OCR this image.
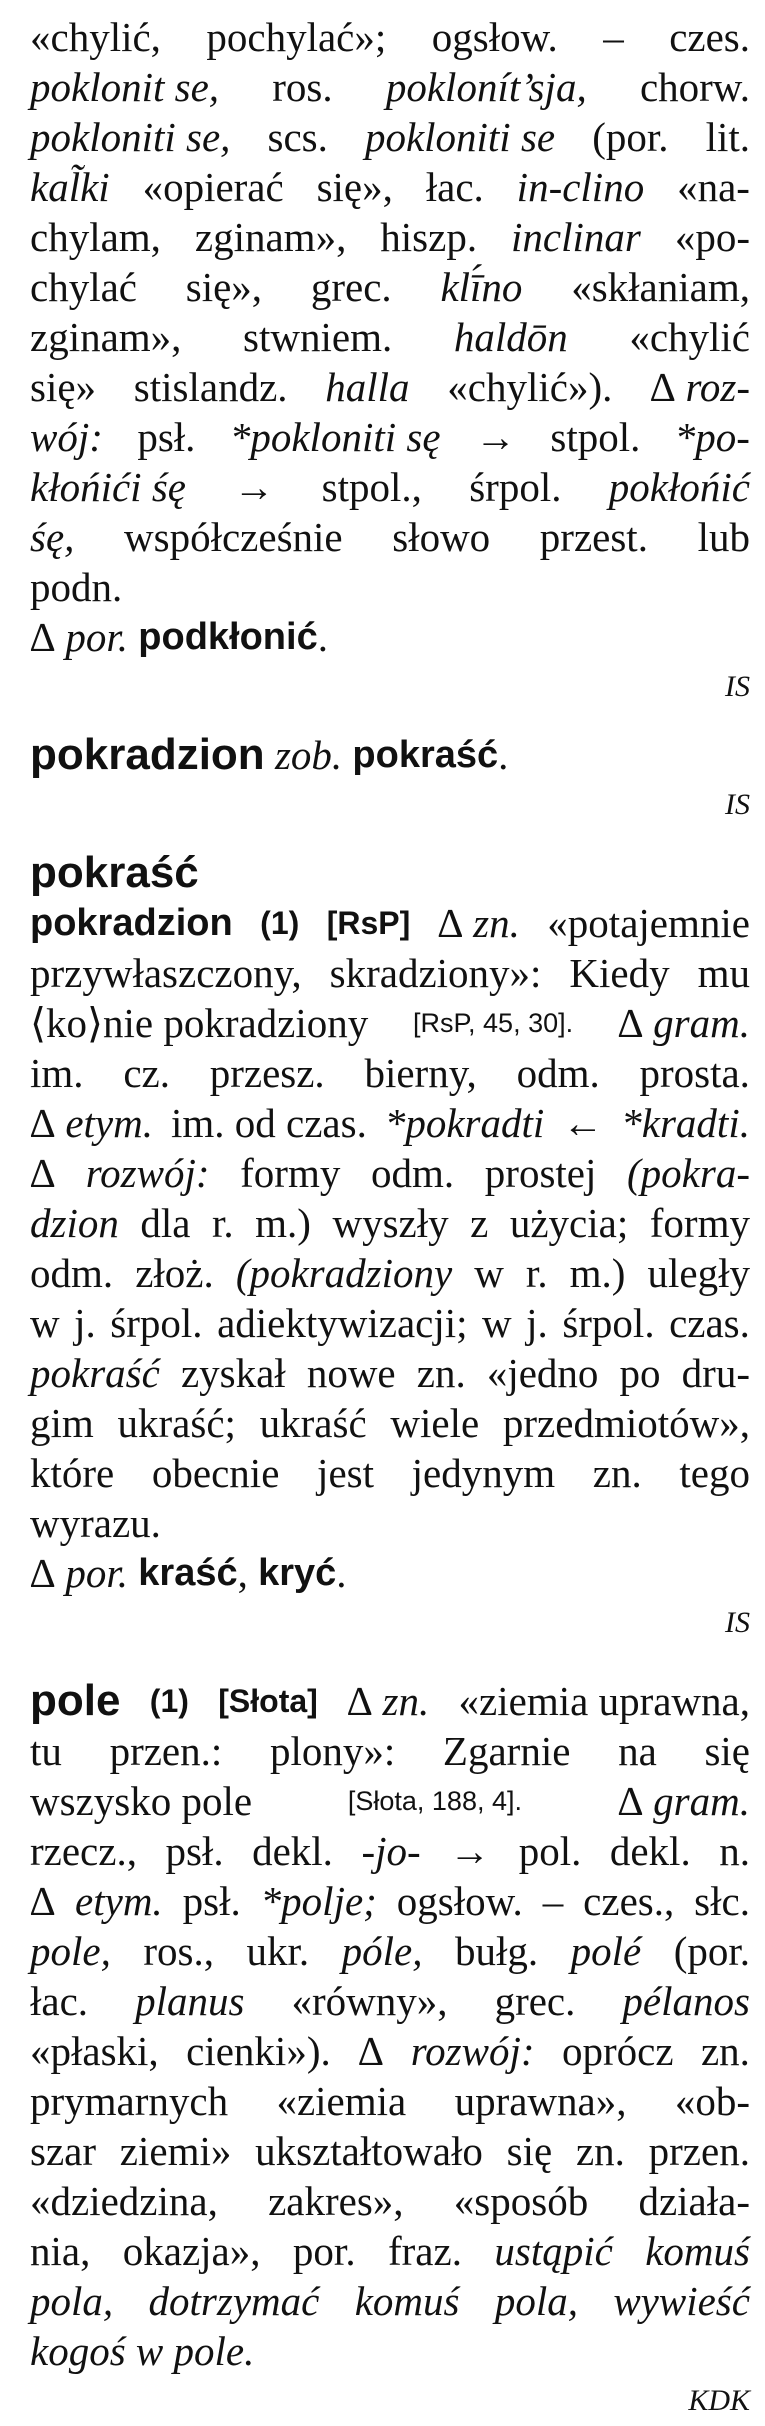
«chylić, pochylać»; ogsłow. – czes.
poklonit se, ros. poklonít’sja, chorw.
pokloniti se, scs. pokloniti se (por. lit.
kal̃ki «opierać się», łac. in-clino «na-
chylam, zginam», hiszp. inclinar «po-
chylać się», grec. klī́no «skłaniam,
zginam», stwniem. haldōn «chylić
się» stislandz. halla «chylić»). ∆ roz-
wój: psł. *pokloniti sę → stpol. *po-
kłońići śę → stpol., śrpol. pokłońić
śę, współcześnie słowo przest. lub
podn.
∆
por.
podkłonić .
IS
pokradzion
zob.
pokraść .
IS
pokraść
pokradzion (1) [RsP] ∆ zn. «potajemnie
przywłaszczony, skradziony»: Kiedy mu
⟨ko⟩nie pokradziony [RsP, 45, 30]. ∆ gram.
im. cz. przesz. bierny, odm. prosta.
∆ etym. im. od czas. *pokradti ← *kradti.
∆ rozwój: formy odm. prostej (pokra-
dzion dla r. m.) wyszły z użycia; formy
odm. złoż. (pokradziony w r. m.) uległy
w j. śrpol. adiektywizacji; w j. śrpol. czas.
pokraść zyskał nowe zn. «jedno po dru-
gim ukraść; ukraść wiele przedmiotów»,
które obecnie jest jedynym zn. tego
wyrazu.
∆
por.
kraść ,
kryć .
IS
pole (1) [Słota] ∆ zn. «ziemia uprawna,
tu przen.: plony»: Zgarnie na się
wszysko pole	[Słota, 188, 4]. ∆ gram.
rzecz., psł. dekl. -jo- → pol. dekl. n.
∆ etym. psł. *polje; ogsłow. – czes., słc.
pole, ros., ukr. póle, bułg. polé (por.
łac. planus «równy», grec. pélanos
«płaski, cienki»). ∆ rozwój: oprócz zn.
prymarnych «ziemia uprawna», «ob-
szar ziemi» ukształtowało się zn. przen.
«dziedzina, zakres», «sposób działa-
nia, okazja», por. fraz. ustąpić komuś
pola, dotrzymać komuś pola, wywieść
kogoś w pole.
KDK
